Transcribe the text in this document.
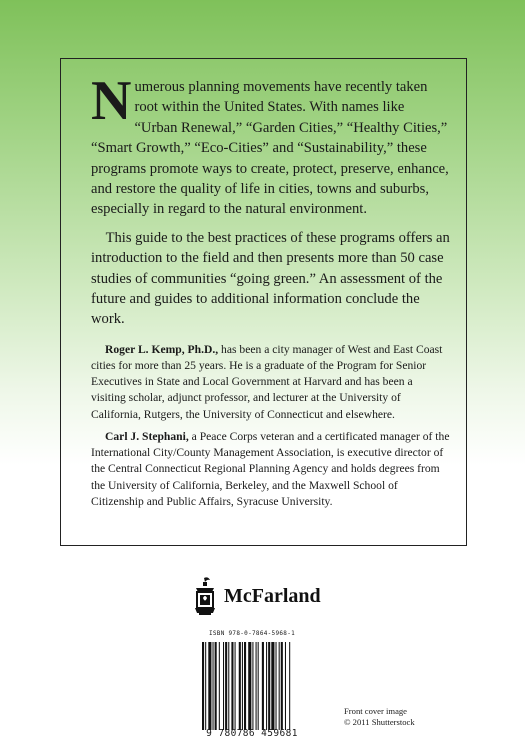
Numerous planning movements have recently taken root within the United States. With names like “Urban Renewal,” “Garden Cities,” “Healthy Cities,” “Smart Growth,” “Eco-Cities” and “Sustainability,” these programs promote ways to create, protect, preserve, enhance, and restore the quality of life in cities, towns and suburbs, especially in regard to the natural environment.

 This guide to the best practices of these programs offers an introduction to the field and then presents more than 50 case studies of communities “going green.” An assessment of the future and guides to additional information conclude the work.

Roger L. Kemp, Ph.D., has been a city manager of West and East Coast cities for more than 25 years. He is a graduate of the Program for Senior Executives in State and Local Government at Harvard and has been a visiting scholar, adjunct professor, and lecturer at the University of California, Rutgers, the University of Connecticut and elsewhere.

Carl J. Stephani, a Peace Corps veteran and a certificated manager of the International City/County Management Association, is executive director of the Central Connecticut Regional Planning Agency and holds degrees from the University of California, Berkeley, and the Maxwell School of Citizenship and Public Affairs, Syracuse University.

McFarland
ISBN 978-0-7864-5968-1
9 780786 459681
Front cover image
© 2011 Shutterstock
